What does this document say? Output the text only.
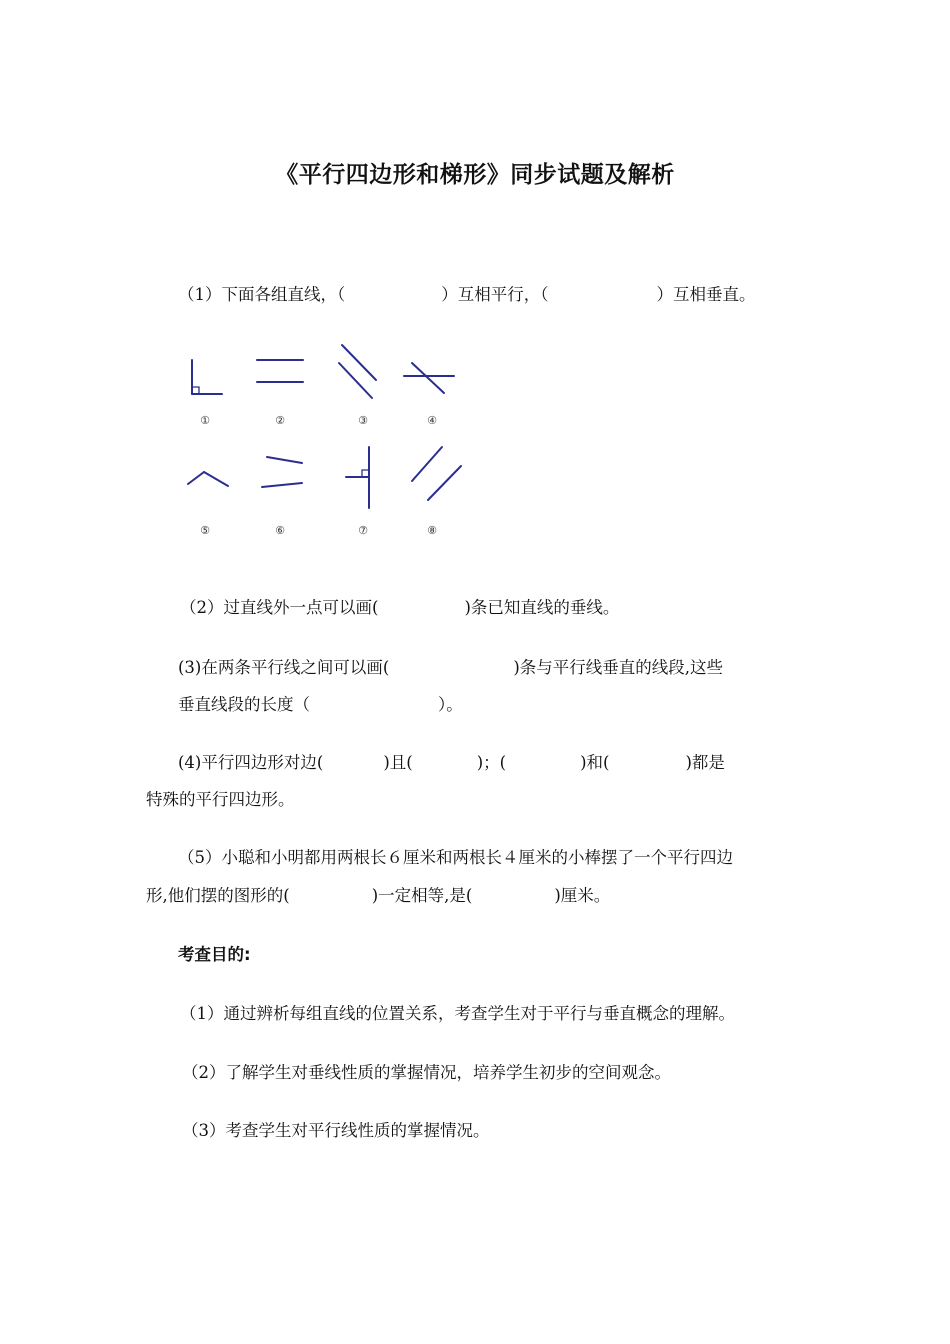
《平行四边形和梯形》同步试题及解析
（1）下面各组直线，（	）互相平行，（	）互相垂直。
①	②	③	④
⑤	⑥	⑦	⑧
（2）过直线外一点可以画(	)条已知直线的垂线。
(3)在两条平行线之间可以画(	)条与平行线垂直的线段,这些
垂直线段的长度（	）。
(4)平行四边形对边(	)且(	)；(	)和(	)都是
特殊的平行四边形。
（5）小聪和小明都用两根长６厘米和两根长４厘米的小棒摆了一个平行四边
形,他们摆的图形的(	)一定相等,是(	)厘米。
考查目的:
（1）通过辨析每组直线的位置关系，考查学生对于平行与垂直概念的理解。
（2）了解学生对垂线性质的掌握情况，培养学生初步的空间观念。
（3）考查学生对平行线性质的掌握情况。
